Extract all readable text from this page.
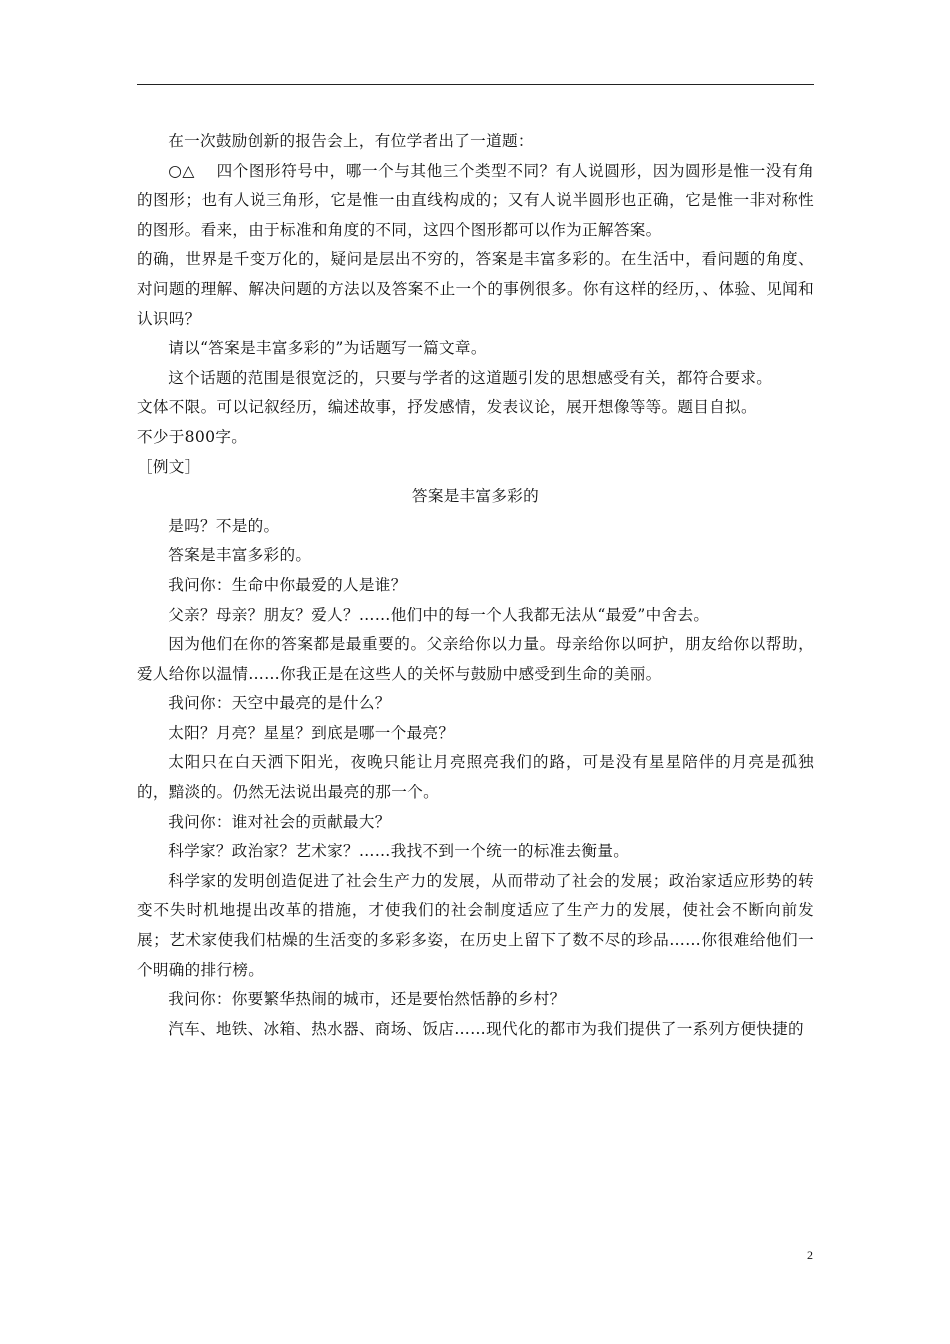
在一次鼓励创新的报告会上，有位学者出了一道题：

○△　 四个图形符号中，哪一个与其他三个类型不同？有人说圆形，因为圆形是惟一没有角的图形；也有人说三角形，它是惟一由直线构成的；又有人说半圆形也正确，它是惟一非对称性的图形。看来，由于标准和角度的不同，这四个图形都可以作为正解答案。

的确，世界是千变万化的，疑问是层出不穷的，答案是丰富多彩的。在生活中，看问题的角度、对问题的理解、解决问题的方法以及答案不止一个的事例很多。你有这样的经历，、体验、见闻和认识吗？

请以“答案是丰富多彩的”为话题写一篇文章。

这个话题的范围是很宽泛的，只要与学者的这道题引发的思想感受有关，都符合要求。

文体不限。可以记叙经历，编述故事，抒发感情，发表议论，展开想像等等。题目自拟。

不少于800字。

［例文］

答案是丰富多彩的

是吗？不是的。

答案是丰富多彩的。

我问你：生命中你最爱的人是谁？

父亲？母亲？朋友？爱人？……他们中的每一个人我都无法从“最爱”中舍去。

因为他们在你的答案都是最重要的。父亲给你以力量。母亲给你以呵护，朋友给你以帮助，爱人给你以温情……你我正是在这些人的关怀与鼓励中感受到生命的美丽。

我问你：天空中最亮的是什么？

太阳？月亮？星星？到底是哪一个最亮？

太阳只在白天洒下阳光，夜晚只能让月亮照亮我们的路，可是没有星星陪伴的月亮是孤独的，黯淡的。仍然无法说出最亮的那一个。

我问你：谁对社会的贡献最大？

科学家？政治家？艺术家？……我找不到一个统一的标准去衡量。

科学家的发明创造促进了社会生产力的发展，从而带动了社会的发展；政治家适应形势的转变不失时机地提出改革的措施，才使我们的社会制度适应了生产力的发展，使社会不断向前发展；艺术家使我们枯燥的生活变的多彩多姿，在历史上留下了数不尽的珍品……你很难给他们一个明确的排行榜。

我问你：你要繁华热闹的城市，还是要怡然恬静的乡村？

汽车、地铁、冰箱、热水器、商场、饭店……现代化的都市为我们提供了一系列方便快捷的

2
